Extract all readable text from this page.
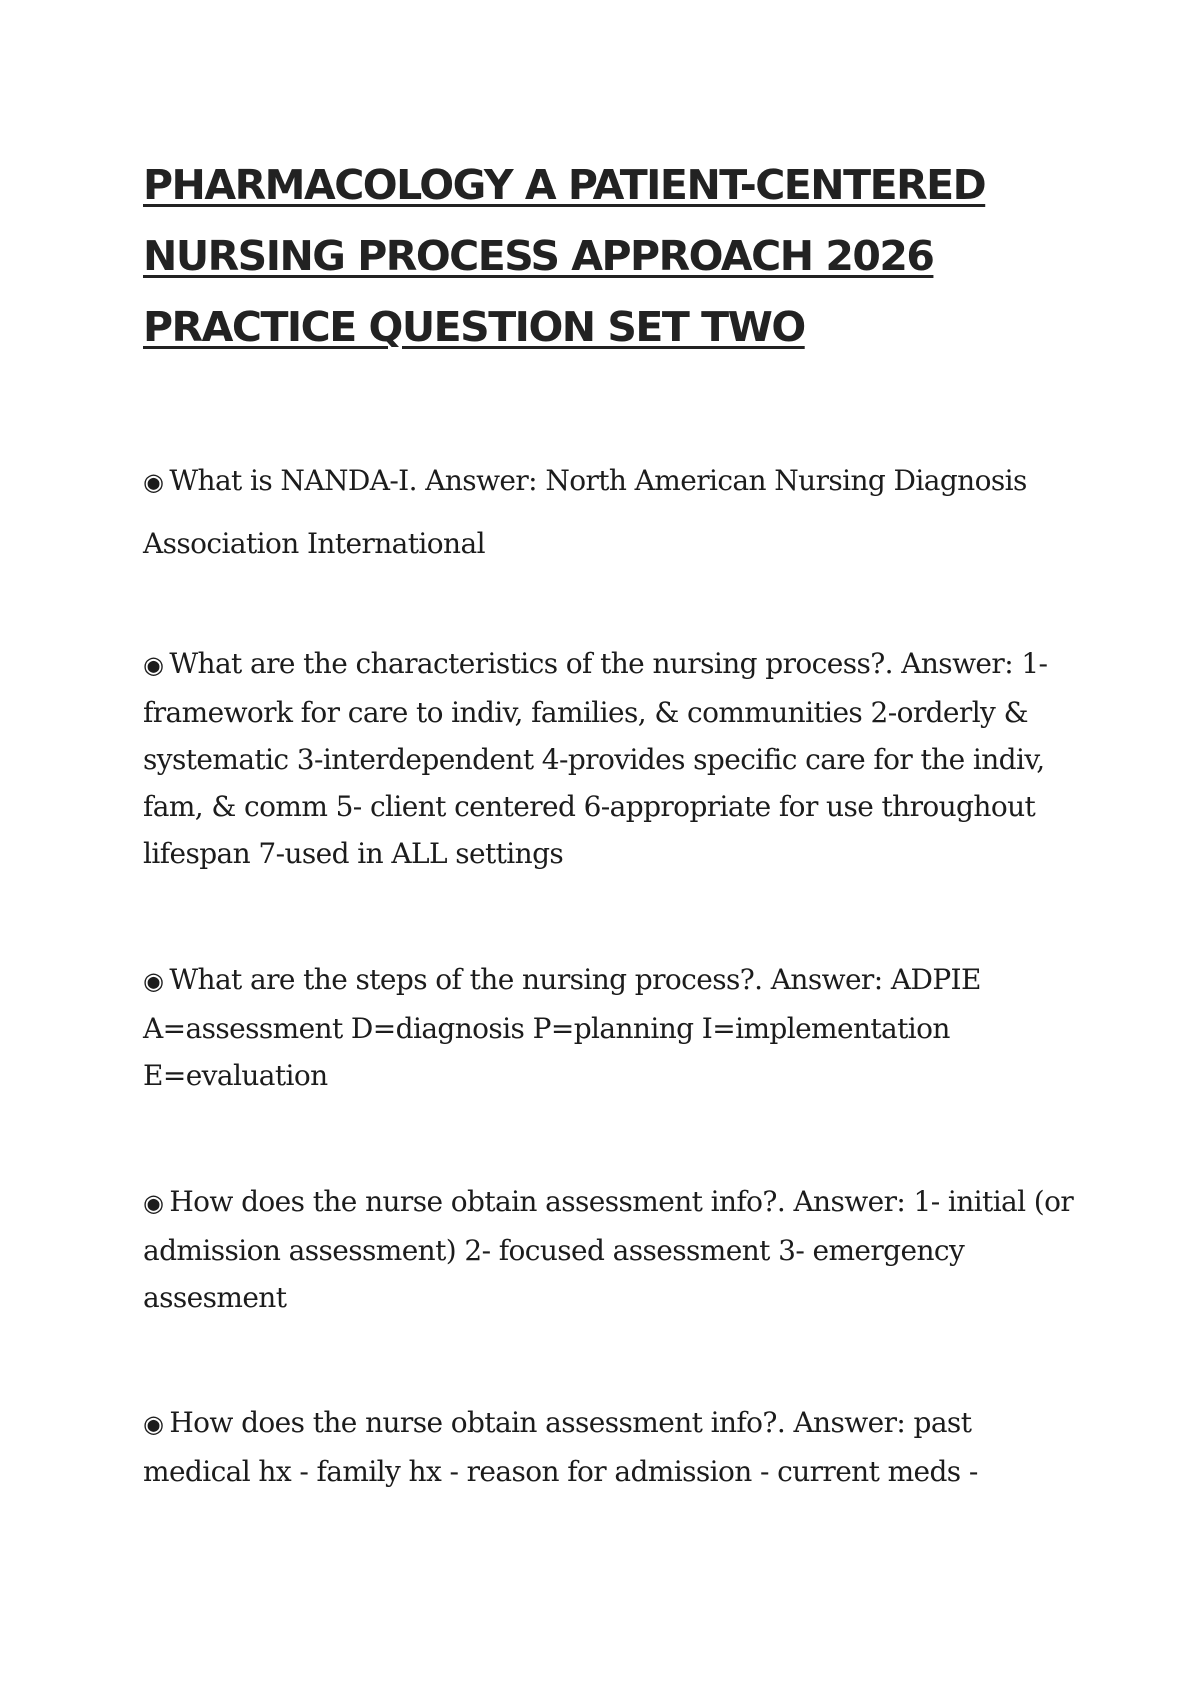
PHARMACOLOGY A PATIENT-CENTERED
NURSING PROCESS APPROACH 2026
PRACTICE QUESTION SET TWO

◉ What is NANDA-I. Answer: North American Nursing Diagnosis Association International

◉ What are the characteristics of the nursing process?. Answer: 1- framework for care to indiv, families, & communities 2-orderly & systematic 3-interdependent 4-provides specific care for the indiv, fam, & comm 5- client centered 6-appropriate for use throughout lifespan 7-used in ALL settings

◉ What are the steps of the nursing process?. Answer: ADPIE A=assessment D=diagnosis P=planning I=implementation E=evaluation

◉ How does the nurse obtain assessment info?. Answer: 1- initial (or admission assessment) 2- focused assessment 3- emergency assesment

◉ How does the nurse obtain assessment info?. Answer: past medical hx - family hx - reason for admission - current meds -
